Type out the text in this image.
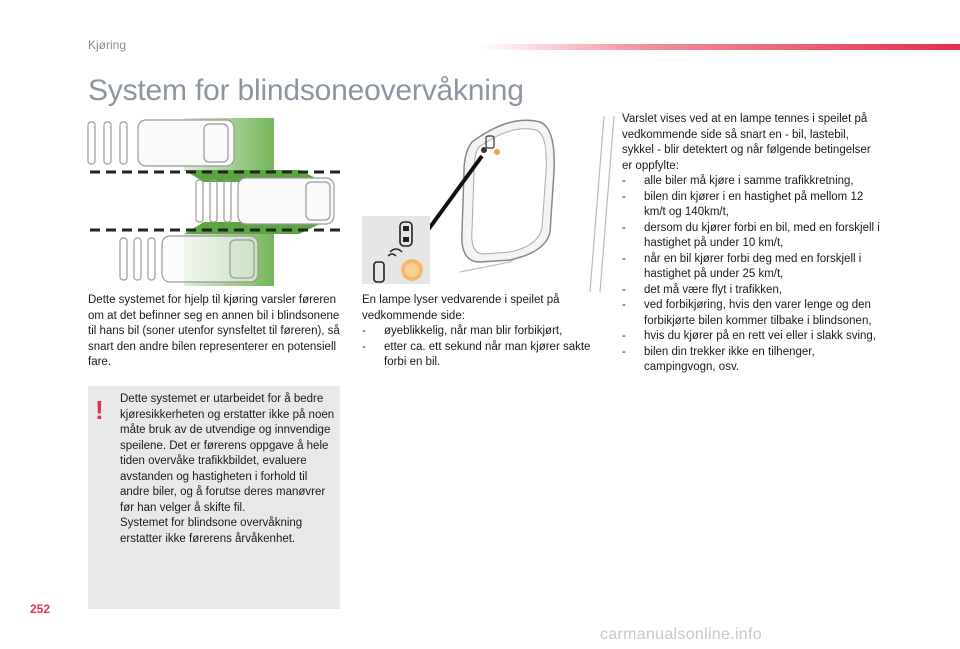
Kjøring
System for blindsoneovervåkning

Dette systemet for hjelp til kjøring varsler føreren om at det befinner seg en annen bil i blindsonene til hans bil (soner utenfor synsfeltet til føreren), så snart den andre bilen representerer en potensiell fare.

! Dette systemet er utarbeidet for å bedre kjøresikkerheten og erstatter ikke på noen måte bruk av de utvendige og innvendige speilene. Det er førerens oppgave å hele tiden overvåke trafikkbildet, evaluere avstanden og hastigheten i forhold til andre biler, og å forutse deres manøvrer før han velger å skifte fil.

Systemet for blindsone overvåkning erstatter ikke førerens årvåkenhet.

En lampe lyser vedvarende i speilet på vedkommende side:

- øyeblikkelig, når man blir forbikjørt,
- etter ca. ett sekund når man kjører sakte forbi en bil.

Varslet vises ved at en lampe tennes i speilet på vedkommende side så snart en - bil, lastebil, sykkel - blir detektert og når følgende betingelser er oppfylte:

- alle biler må kjøre i samme trafikkretning,
- bilen din kjører i en hastighet på mellom 12 km/t og 140km/t,
- dersom du kjører forbi en bil, med en forskjell i hastighet på under 10 km/t,
- når en bil kjører forbi deg med en forskjell i hastighet på under 25 km/t,
- det må være flyt i trafikken,
- ved forbikjøring, hvis den varer lenge og den forbikjørte bilen kommer tilbake i blindsonen,
- hvis du kjører på en rett vei eller i slakk sving,
- bilen din trekker ikke en tilhenger, campingvogn, osv.
252
carmanualsonline.info
